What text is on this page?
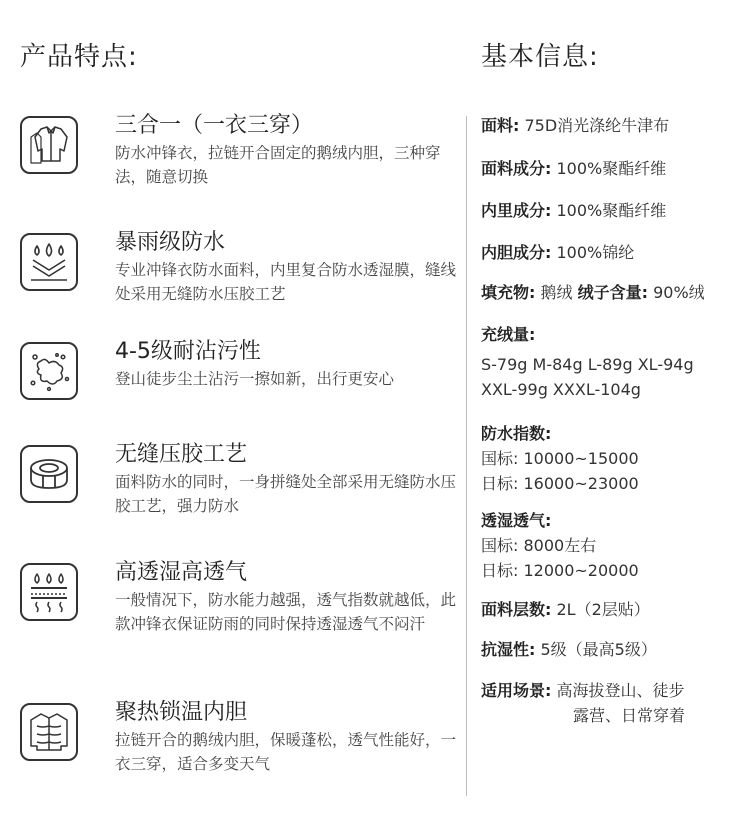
产品特点:	基本信息:
三合一（一衣三穿）
防水冲锋衣，拉链开合固定的鹅绒内胆，三种穿法，随意切换
暴雨级防水
专业冲锋衣防水面料，内里复合防水透湿膜，缝线处采用无缝防水压胶工艺
4-5级耐沾污性
登山徒步尘土沾污一擦如新，出行更安心
无缝压胶工艺
面料防水的同时，一身拼缝处全部采用无缝防水压胶工艺，强力防水
高透湿高透气
一般情况下，防水能力越强，透气指数就越低，此款冲锋衣保证防雨的同时保持透湿透气不闷汗
聚热锁温内胆
拉链开合的鹅绒内胆，保暖蓬松，透气性能好，一衣三穿，适合多变天气
面料: 75D消光涤纶牛津布
面料成分: 100%聚酯纤维
内里成分: 100%聚酯纤维
内胆成分: 100%锦纶
填充物: 鹅绒 绒子含量: 90%绒
充绒量:
S-79g M-84g L-89g XL-94g
XXL-99g XXXL-104g
防水指数:
国标: 10000~15000
日标: 16000~23000
透湿透气:
国标: 8000左右
日标: 12000~20000
面料层数: 2L（2层贴）
抗湿性: 5级（最高5级）
适用场景: 高海拔登山、徒步
露营、日常穿着
